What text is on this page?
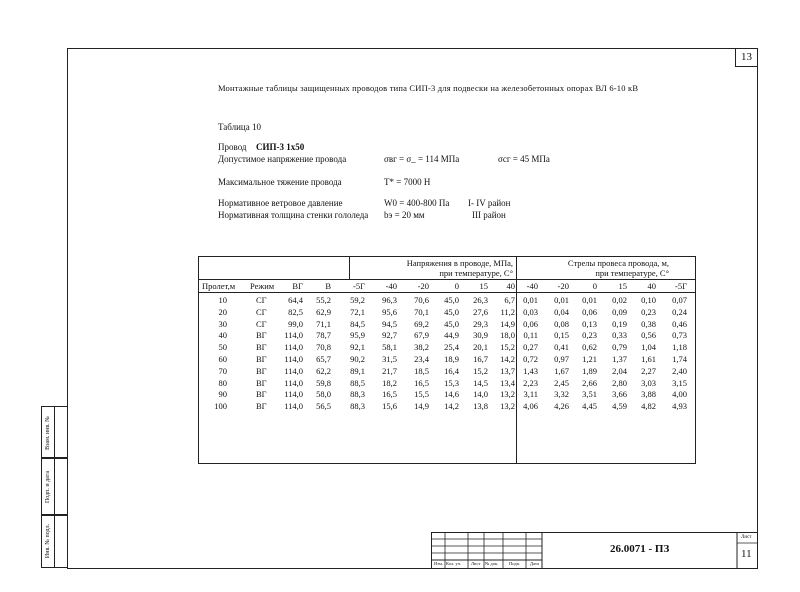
13
Взам. инв. №
Подп. и дата
Инв. № подл.
Монтажные таблицы защищенных проводов типа СИП-3 для подвески на железобетонных опорах ВЛ 6-10 кВ
Таблица 10
Провод СИП-3 1х50
Допустимое напряжение провода	σвг = σ_ = 114 МПа	σсг = 45 МПа
Максимальное тяжение провода	Т* = 7000 Н
Нормативное ветровое давление	W0 = 400-800 Па I- IV район
Нормативная толщина стенки гололеда bэ = 20 мм	III район
Напряжения в проводе, МПа,
при температуре, С°
Стрелы провеса провода, м,
при температуре, С°
Пролет,м Режим ВГ	В	-5Г -40 -20	0 15 40 -40 -20	0	15 40 -5Г
10	СГ	64,4 55,2 59,2 96,3 70,6 45,0 26,3 6,7 0,01 0,01 0,01 0,02 0,10 0,07
20	СГ	82,5 62,9 72,1 95,6 70,1 45,0 27,6 11,2 0,03 0,04 0,06 0,09 0,23 0,24
30	СГ	99,0 71,1 84,5 94,5 69,2 45,0 29,3 14,9 0,06 0,08 0,13 0,19 0,38 0,46
40	ВГ 114,0 78,7 95,9 92,7 67,9 44,9 30,9 18,0 0,11 0,15 0,23 0,33 0,56 0,73
50	ВГ 114,0 70,8 92,1 58,1 38,2 25,4 20,1 15,2 0,27 0,41 0,62 0,79 1,04 1,18
60	ВГ 114,0 65,7 90,2 31,5 23,4 18,9 16,7 14,2 0,72 0,97 1,21 1,37 1,61 1,74
70	ВГ 114,0 62,2 89,1 21,7 18,5 16,4 15,2 13,7 1,43 1,67 1,89 2,04 2,27 2,40
80	ВГ 114,0 59,8 88,5 18,2 16,5 15,3 14,5 13,4 2,23 2,45 2,66 2,80 3,03 3,15
90	ВГ 114,0 58,0 88,3 16,5 15,5 14,6 14,0 13,2 3,11 3,32 3,51 3,66 3,88 4,00
100	ВГ 114,0 56,5 88,3 15,6 14,9 14,2 13,8 13,2 4,06 4,26 4,45 4,59 4,82 4,93
Изм. Кол. уч. Лист № док. Подп. Дата
26.0071 - ПЗ
Лист
11
